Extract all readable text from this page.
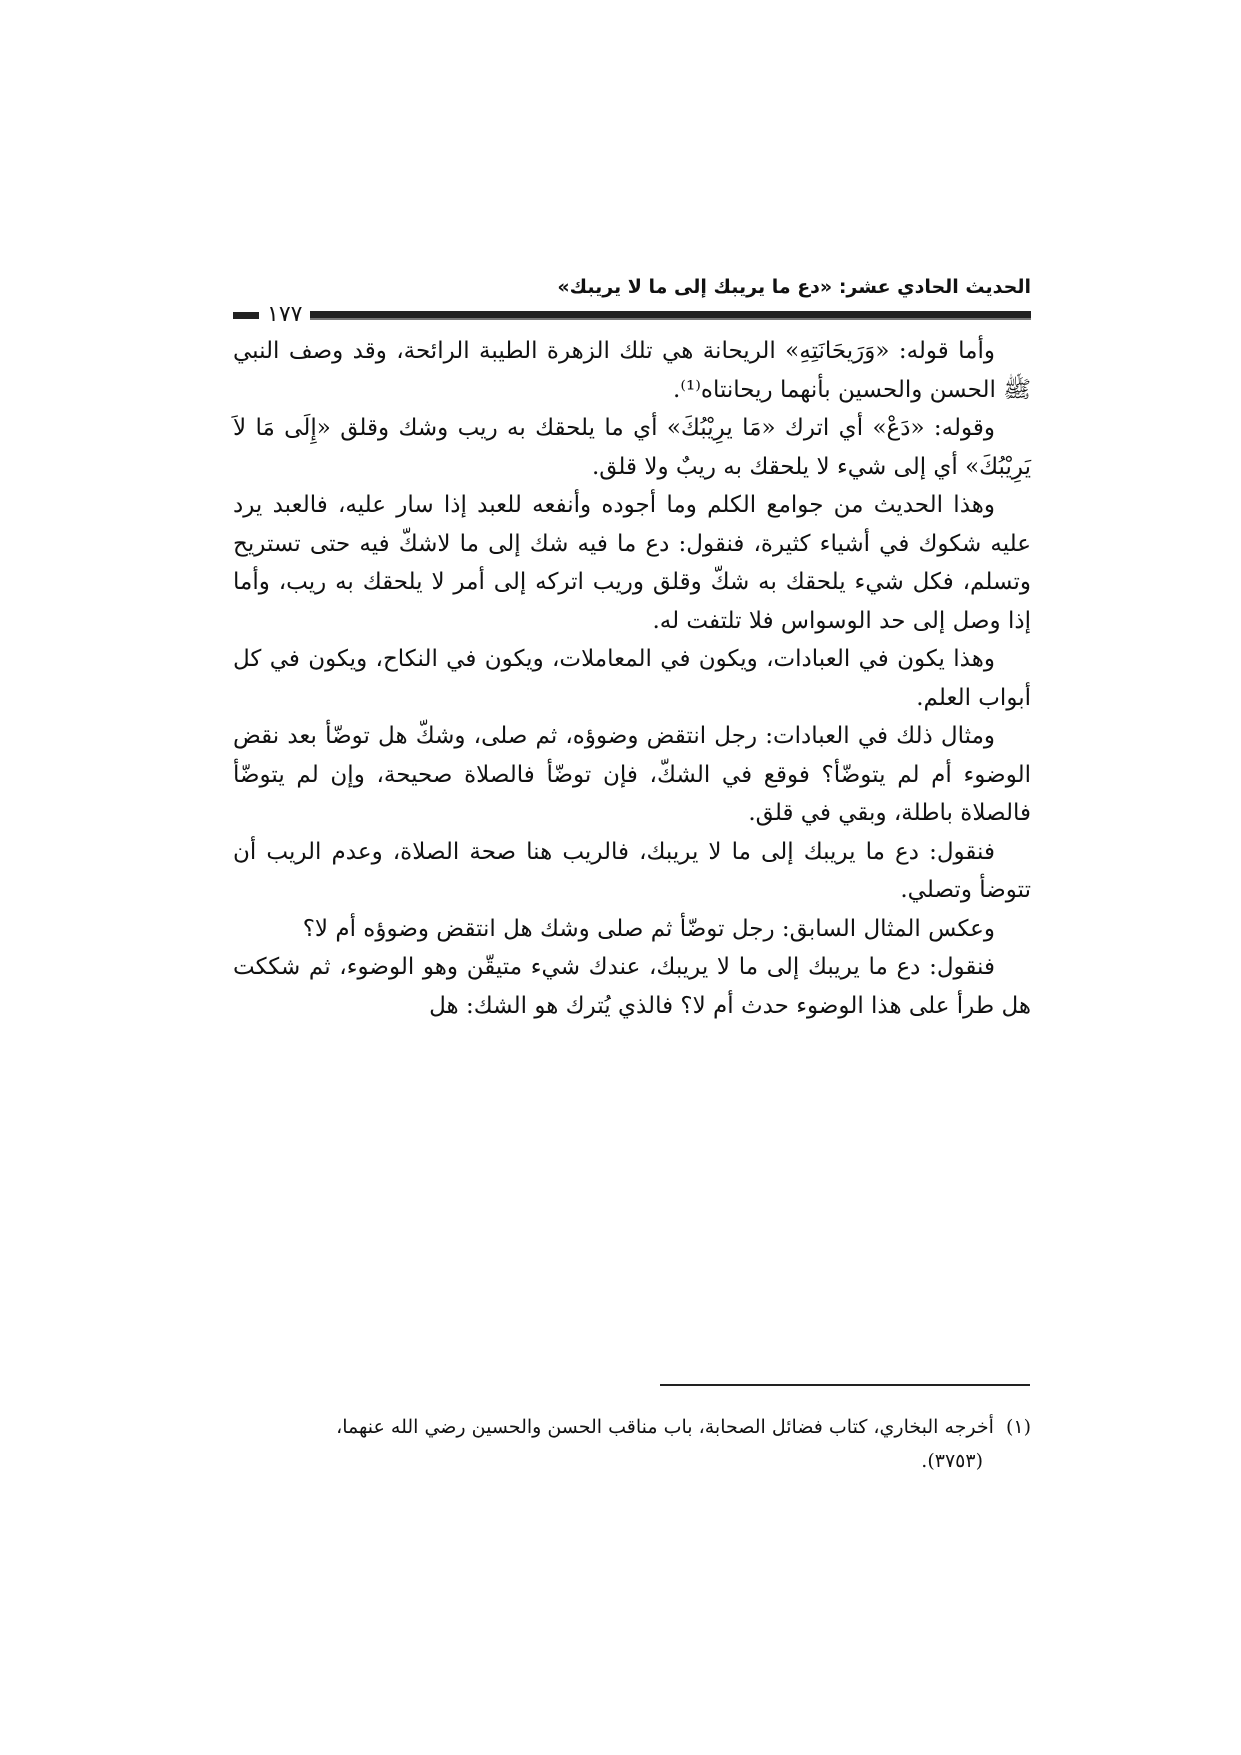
الحديث الحادي عشر: «دع ما يريبك إلى ما لا يريبك»
١٧٧

وأما قوله: «وَرَيحَانَتِهِ» الريحانة هي تلك الزهرة الطيبة الرائحة، وقد وصف النبي ﷺ الحسن والحسين بأنهما ريحانتاه⁽¹⁾.

وقوله: «دَعْ» أي اترك «مَا يرِيْبُكَ» أي ما يلحقك به ريب وشك وقلق «إِلَى مَا لاَ يَرِيْبُكَ» أي إلى شيء لا يلحقك به ريبٌ ولا قلق.

وهذا الحديث من جوامع الكلم وما أجوده وأنفعه للعبد إذا سار عليه، فالعبد يرد عليه شكوك في أشياء كثيرة، فنقول: دع ما فيه شك إلى ما لاشكّ فيه حتى تستريح وتسلم، فكل شيء يلحقك به شكّ وقلق وريب اتركه إلى أمر لا يلحقك به ريب، وأما إذا وصل إلى حد الوسواس فلا تلتفت له.

وهذا يكون في العبادات، ويكون في المعاملات، ويكون في النكاح، ويكون في كل أبواب العلم.

ومثال ذلك في العبادات: رجل انتقض وضوؤه، ثم صلى، وشكّ هل توضّأ بعد نقض الوضوء أم لم يتوضّأ؟ فوقع في الشكّ، فإن توضّأ فالصلاة صحيحة، وإن لم يتوضّأ فالصلاة باطلة، وبقي في قلق.

فنقول: دع ما يريبك إلى ما لا يريبك، فالريب هنا صحة الصلاة، وعدم الريب أن تتوضأ وتصلي.

وعكس المثال السابق: رجل توضّأ ثم صلى وشك هل انتقض وضوؤه أم لا؟

فنقول: دع ما يريبك إلى ما لا يريبك، عندك شيء متيقّن وهو الوضوء، ثم شككت هل طرأ على هذا الوضوء حدث أم لا؟ فالذي يُترك هو الشك: هل

(١)أخرجه البخاري، كتاب فضائل الصحابة، باب مناقب الحسن والحسين رضي الله عنهما،
(٣٧٥٣).
